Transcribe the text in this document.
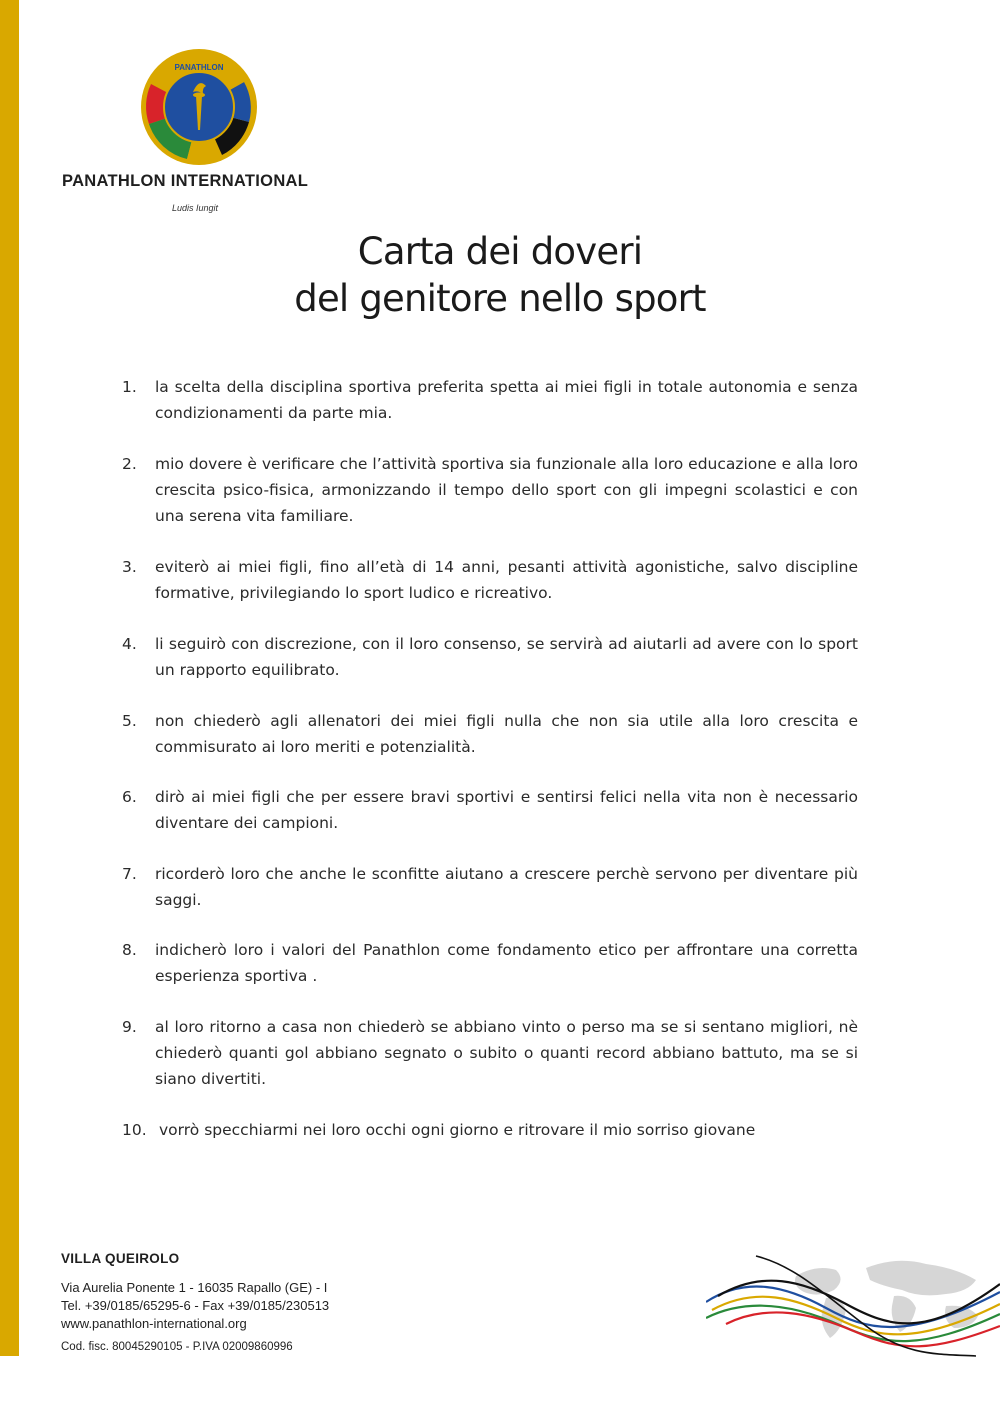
PANATHLON
PANATHLON INTERNATIONAL
Ludis Iungit
Carta dei doveri
del genitore nello sport
1.	la scelta della disciplina sportiva preferita spetta ai miei figli in totale autonomia e senza condizionamenti da parte mia.
2.	mio dovere è verificare che l’attività sportiva sia funzionale alla loro educazione e alla loro crescita psico-fisica, armonizzando il tempo dello sport con gli impegni scolastici e con una serena vita familiare.
3.	eviterò ai miei figli, fino all’età di 14 anni, pesanti attività agonistiche, salvo discipline formative, privilegiando lo sport ludico e ricreativo.
4.	li seguirò con discrezione, con il loro consenso, se servirà ad aiutarli ad avere con lo sport un rapporto equilibrato.
5.	non chiederò agli allenatori dei miei figli nulla che non sia utile alla loro crescita e commisurato ai loro meriti e potenzialità.
6.	dirò ai miei figli che per essere bravi sportivi e sentirsi felici nella vita non è necessario diventare dei campioni.
7.	ricorderò loro che anche le sconfitte aiutano a crescere perchè servono per diventare più saggi.
8.	indicherò loro i valori del Panathlon come fondamento etico per affrontare una corretta esperienza sportiva .
9.	al loro ritorno a casa non chiederò se abbiano vinto o perso ma se si sentano migliori, nè chiederò quanti gol abbiano segnato o subito o quanti record abbiano battuto, ma se si siano divertiti.
10. vorrò specchiarmi nei loro occhi ogni giorno e ritrovare il mio sorriso giovane
VILLA QUEIROLO
Via Aurelia Ponente 1 - 16035 Rapallo (GE) - I
Tel. +39/0185/65295-6 - Fax +39/0185/230513
www.panathlon-international.org
Cod. fisc. 80045290105 - P.IVA 02009860996
